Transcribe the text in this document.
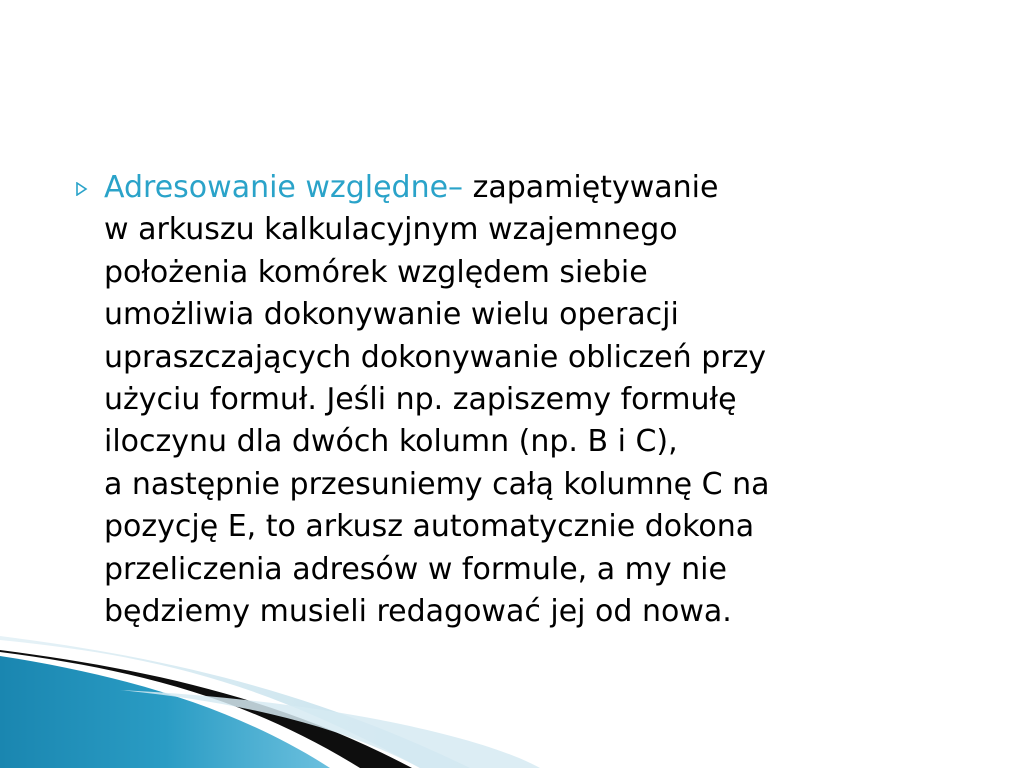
Adresowanie względne– zapamiętywanie
w arkuszu kalkulacyjnym wzajemnego
położenia komórek względem siebie
umożliwia dokonywanie wielu operacji
upraszczających dokonywanie obliczeń przy
użyciu formuł. Jeśli np. zapiszemy formułę
iloczynu dla dwóch kolumn (np. B i C),
a następnie przesuniemy całą kolumnę C na
pozycję E, to arkusz automatycznie dokona
przeliczenia adresów w formule, a my nie
będziemy musieli redagować jej od nowa.
